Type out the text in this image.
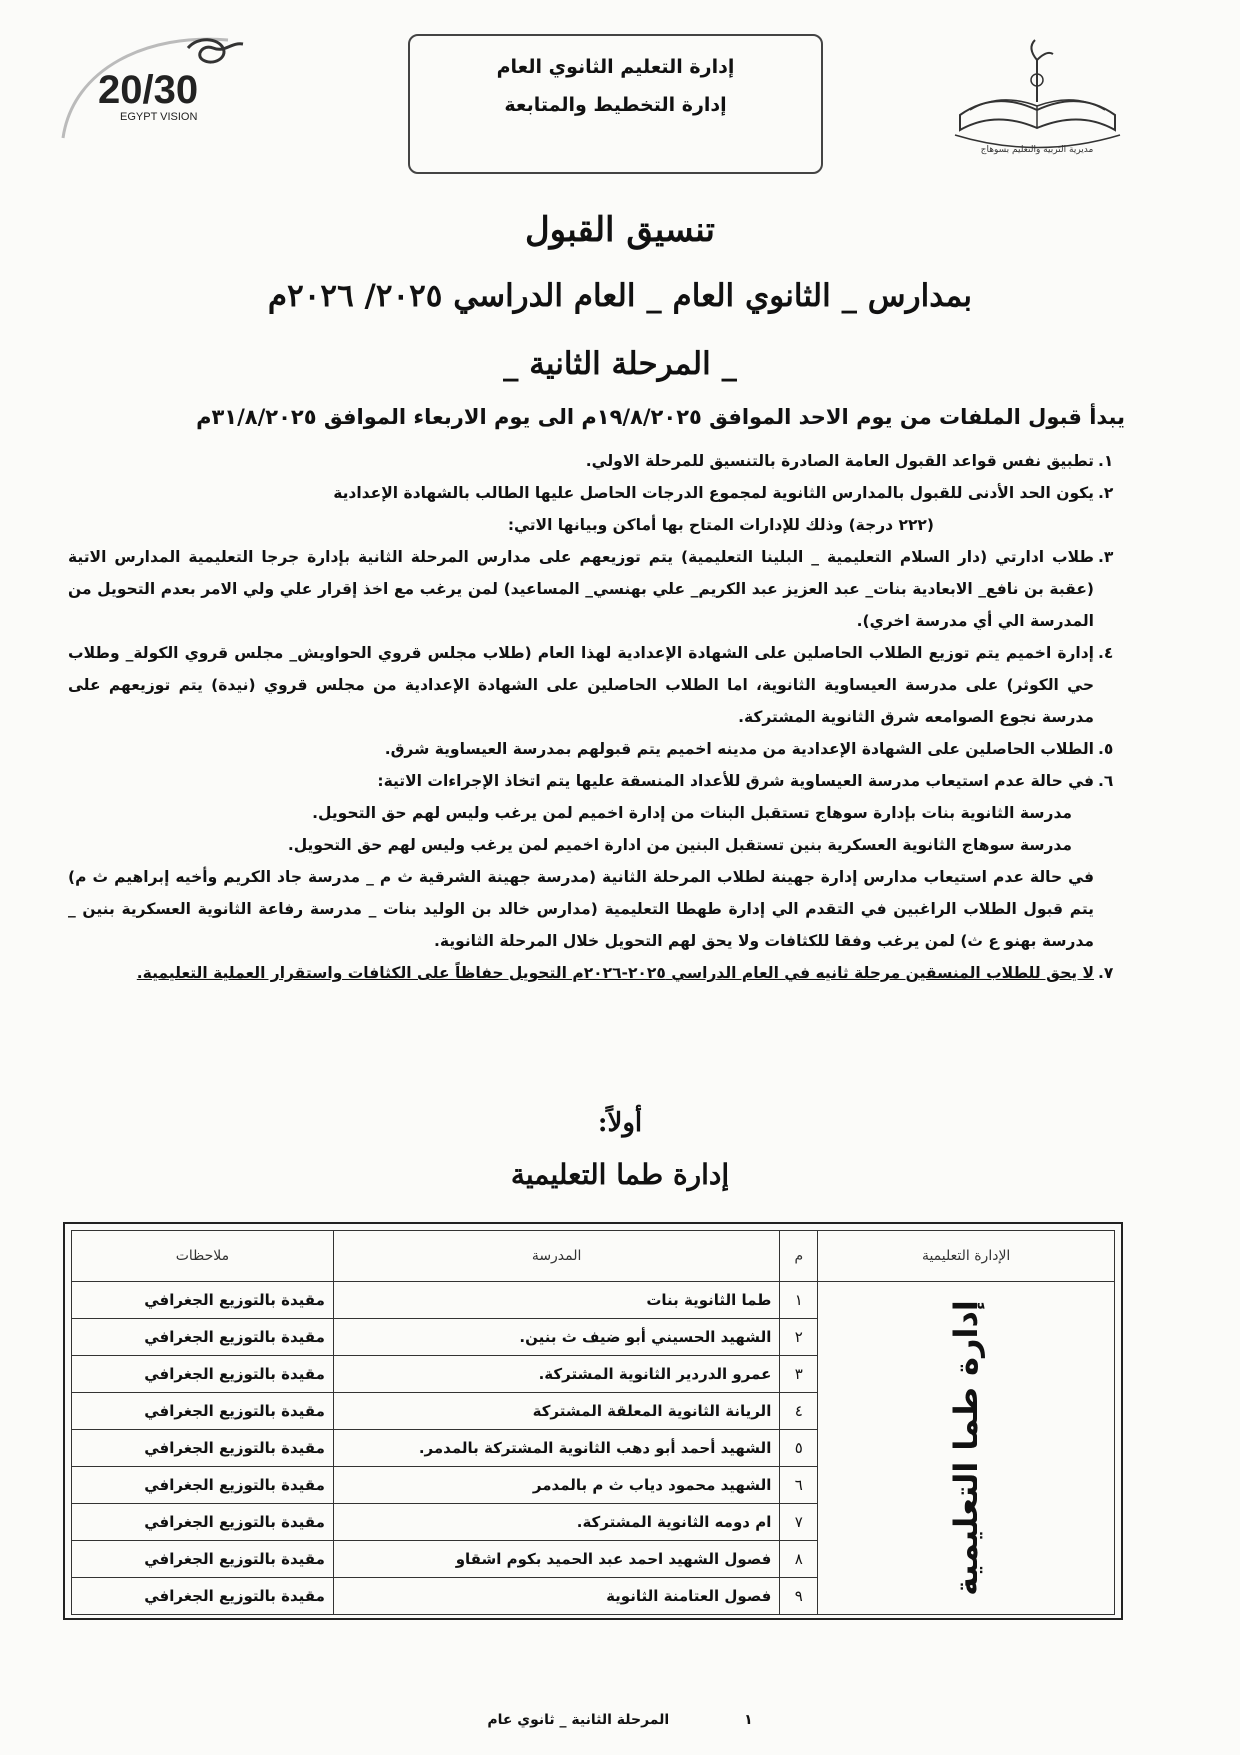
20/30
EGYPT VISION
إدارة التعليم الثانوي العام
إدارة التخطيط والمتابعة
مديرية التربية والتعليم بسوهاج
تنسيق القبول
بمدارس _ الثانوي العام _ العام الدراسي ٢٠٢٥/ ٢٠٢٦م
_ المرحلة الثانية _
يبدأ قبول الملفات من يوم الاحد الموافق ١٩/٨/٢٠٢٥م الى يوم الاربعاء الموافق ٣١/٨/٢٠٢٥م
١.
تطبيق نفس قواعد القبول العامة الصادرة بالتنسيق للمرحلة الاولي.
٢.
يكون الحد الأدنى للقبول بالمدارس الثانوية لمجموع الدرجات الحاصل عليها الطالب بالشهادة الإعدادية
(٢٢٢ درجة) وذلك للإدارات المتاح بها أماكن وبيانها الاتي:
٣.
طلاب ادارتي (دار السلام التعليمية _ البلينا التعليمية) يتم توزيعهم على مدارس المرحلة الثانية بإدارة جرجا التعليمية المدارس الاتية (عقبة بن نافع_ الابعادية بنات_ عبد العزيز عبد الكريم_ علي بهنسي_ المساعيد) لمن يرغب مع اخذ إقرار علي ولي الامر بعدم التحويل من المدرسة الي أي مدرسة اخري).
٤.
إدارة اخميم يتم توزيع الطلاب الحاصلين على الشهادة الإعدادية لهذا العام (طلاب مجلس قروي الحواويش_ مجلس قروي الكولة_ وطلاب حي الكوثر) على مدرسة العيساوية الثانوية، اما الطلاب الحاصلين على الشهادة الإعدادية من مجلس قروي (نيدة) يتم توزيعهم على مدرسة نجوع الصوامعه شرق الثانوية المشتركة.
٥.
الطلاب الحاصلين على الشهادة الإعدادية من مدينه اخميم يتم قبولهم بمدرسة العيساوية شرق.
٦.
في حالة عدم استيعاب مدرسة العيساوية شرق للأعداد المنسقة عليها يتم اتخاذ الإجراءات الاتية:
مدرسة الثانوية بنات بإدارة سوهاج تستقبل البنات من إدارة اخميم لمن يرغب وليس لهم حق التحويل.
مدرسة سوهاج الثانوية العسكرية بنين تستقبل البنين من ادارة اخميم لمن يرغب وليس لهم حق التحويل.
في حالة عدم استيعاب مدارس إدارة جهينة لطلاب المرحلة الثانية (مدرسة جهينة الشرقية ث م _ مدرسة جاد الكريم وأخيه إبراهيم ث م) يتم قبول الطلاب الراغبين في التقدم الي إدارة طهطا التعليمية (مدارس خالد بن الوليد بنات _ مدرسة رفاعة الثانوية العسكرية بنين _ مدرسة بهنو ع ث) لمن يرغب وفقا للكثافات ولا يحق لهم التحويل خلال المرحلة الثانوية.
٧.
لا يحق للطلاب المنسقين مرحلة ثانيه في العام الدراسي ٢٠٢٥-٢٠٢٦م التحويل حفاظاً على الكثافات واستقرار العملية التعليمية.
أولاً:
إدارة طما التعليمية
الإدارة التعليمية	م	المدرسة	ملاحظات
إدارة طما التعليمية	١	طما الثانوية بنات	مقيدة بالتوزيع الجغرافي
	٢	الشهيد الحسيني أبو ضيف ث بنين.	مقيدة بالتوزيع الجغرافي
	٣	عمرو الدردير الثانوية المشتركة.	مقيدة بالتوزيع الجغرافي
	٤	الريانة الثانوية المعلقة المشتركة	مقيدة بالتوزيع الجغرافي
	٥	الشهيد أحمد أبو دهب الثانوية المشتركة بالمدمر.	مقيدة بالتوزيع الجغرافي
	٦	الشهيد محمود دياب ث م بالمدمر	مقيدة بالتوزيع الجغرافي
	٧	ام دومه الثانوية المشتركة.	مقيدة بالتوزيع الجغرافي
	٨	فصول الشهيد احمد عبد الحميد بكوم اشقاو	مقيدة بالتوزيع الجغرافي
	٩	فصول العتامنة الثانوية	مقيدة بالتوزيع الجغرافي
١ المرحلة الثانية _ ثانوي عام
